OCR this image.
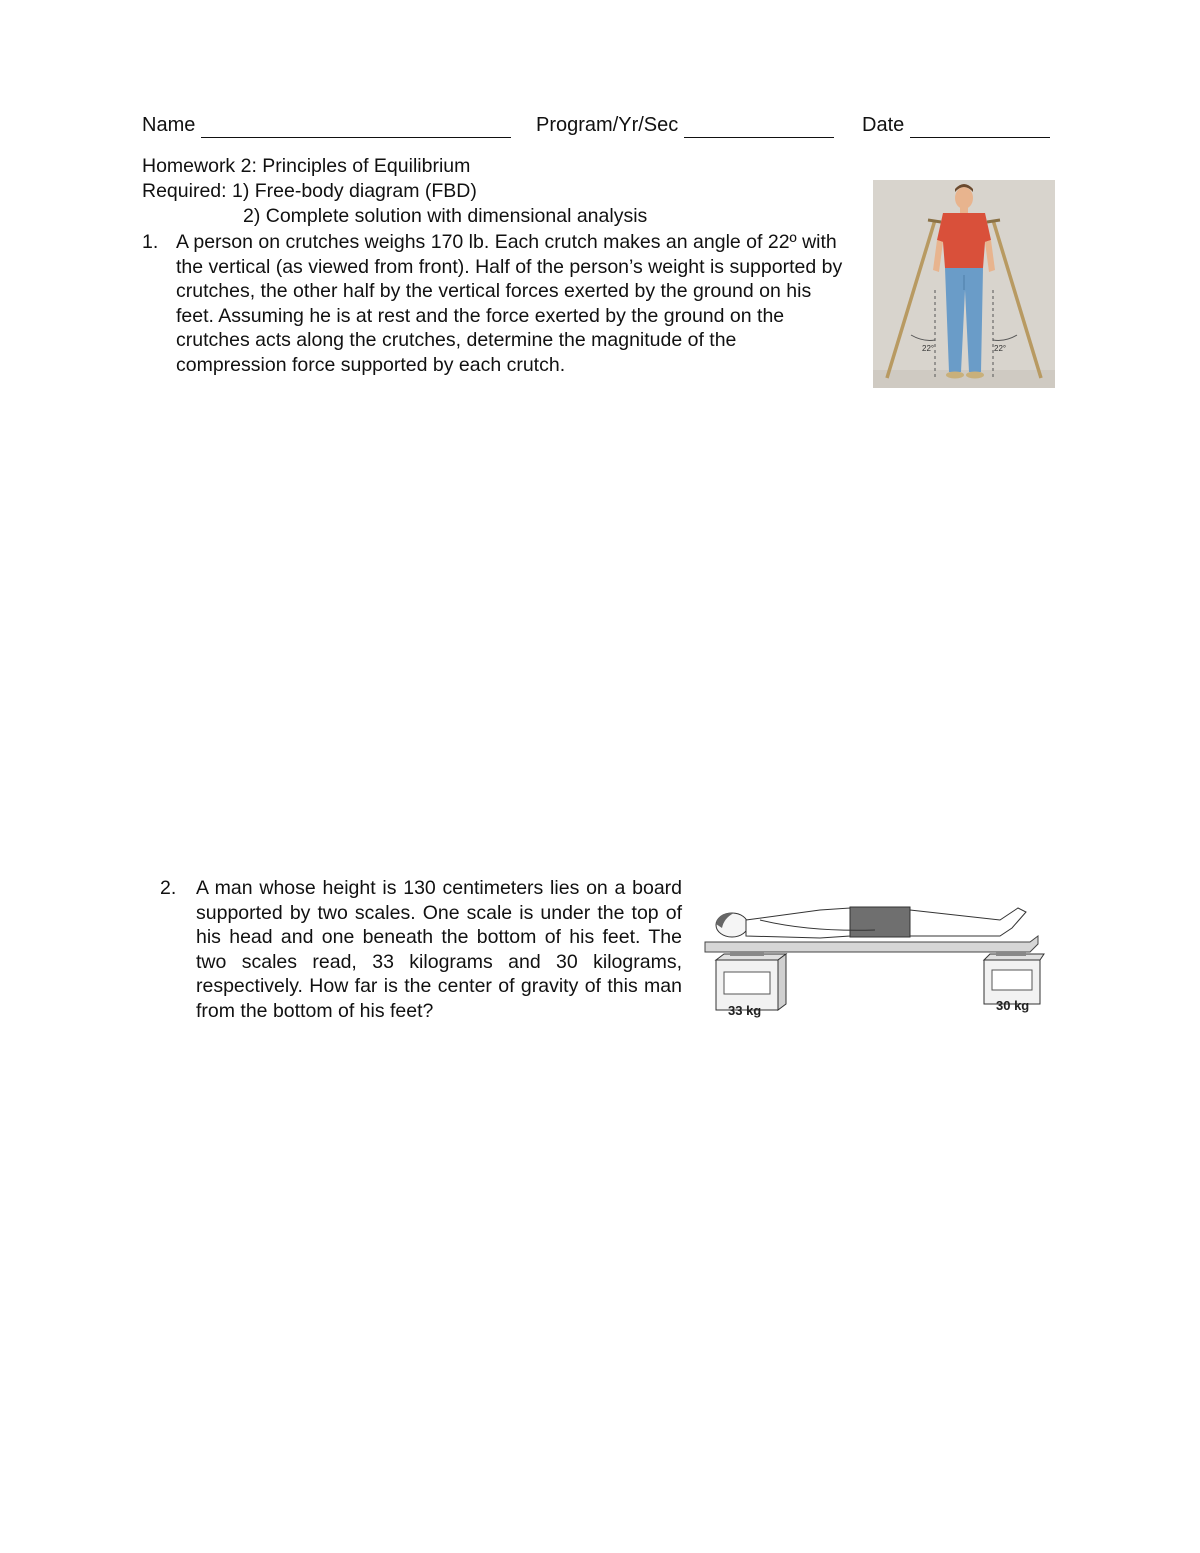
Name	Program/Yr/Sec	Date
Homework 2: Principles of Equilibrium
Required: 1) Free-body diagram (FBD)
2) Complete solution with dimensional analysis
1. A person on crutches weighs 170 lb. Each crutch makes an angle of 22º with the vertical (as viewed from front). Half of the person’s weight is supported by crutches, the other half by the vertical forces exerted by the ground on his feet. Assuming he is at rest and the force exerted by the ground on the crutches acts along the crutches, determine the magnitude of the compression force supported by each crutch.
22°	22°
2. A man whose height is 130 centimeters lies on a board supported by two scales. One scale is under the top of his head and one beneath the bottom of his feet. The two scales read, 33 kilograms and 30 kilograms, respectively. How far is the center of gravity of this man from the bottom of his feet?	33 kg	30 kg
